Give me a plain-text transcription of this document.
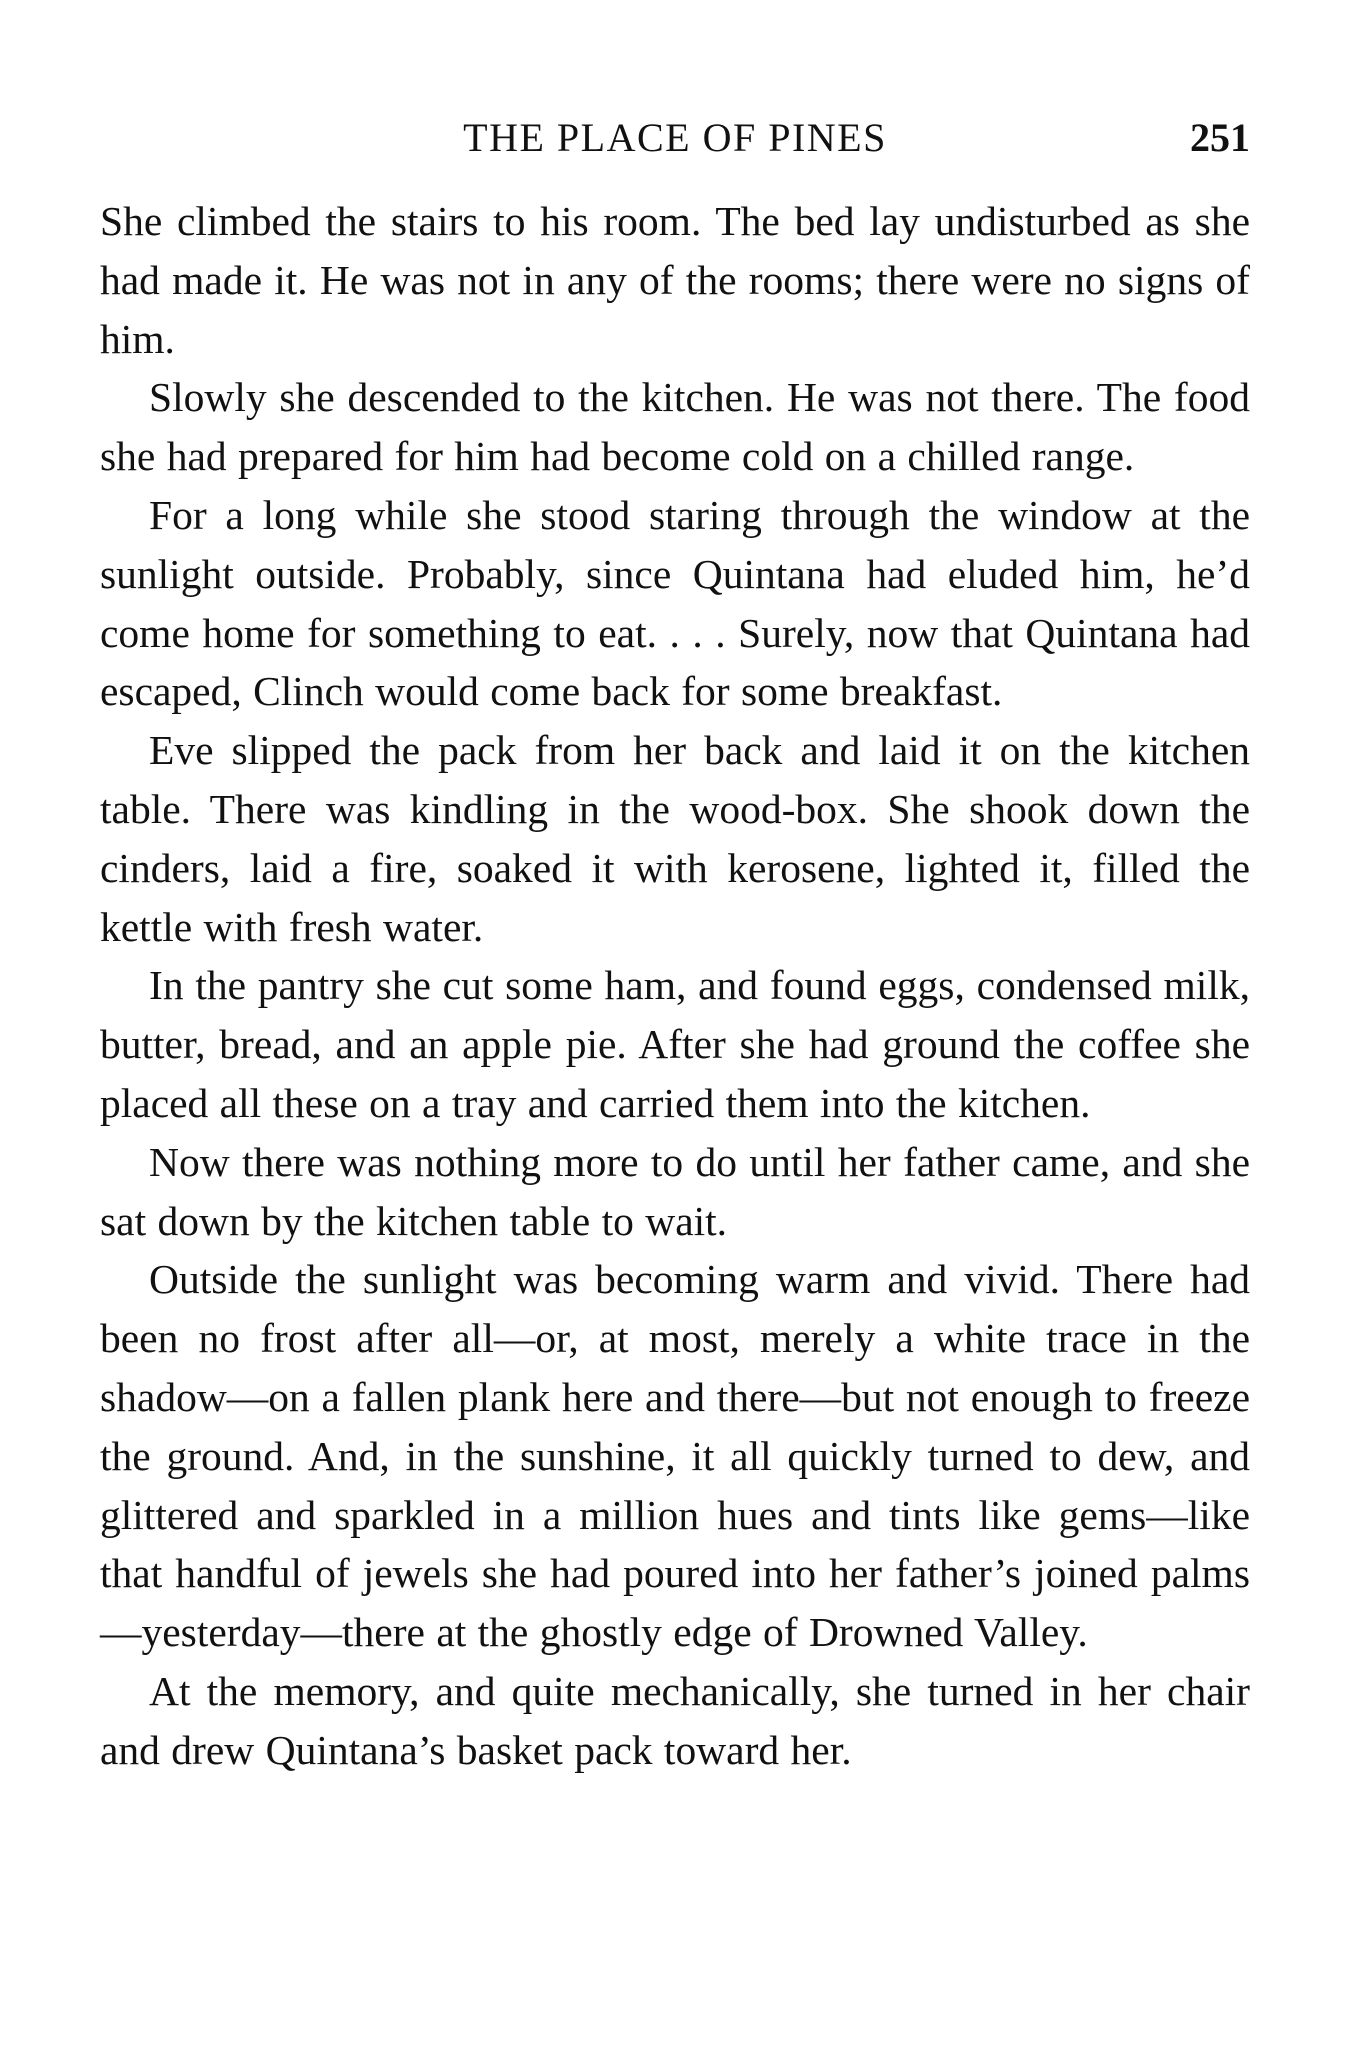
THE PLACE OF PINES	251

She climbed the stairs to his room. The bed lay undisturbed as she had made it. He was not in any of the rooms; there were no signs of him.

Slowly she descended to the kitchen. He was not there. The food she had prepared for him had become cold on a chilled range.

For a long while she stood staring through the window at the sunlight outside. Probably, since Quintana had eluded him, he’d come home for something to eat. . . . Surely, now that Quintana had escaped, Clinch would come back for some breakfast.

Eve slipped the pack from her back and laid it on the kitchen table. There was kindling in the wood-box. She shook down the cinders, laid a fire, soaked it with kerosene, lighted it, filled the kettle with fresh water.

In the pantry she cut some ham, and found eggs, condensed milk, butter, bread, and an apple pie. After she had ground the coffee she placed all these on a tray and carried them into the kitchen.

Now there was nothing more to do until her father came, and she sat down by the kitchen table to wait.

Outside the sunlight was becoming warm and vivid. There had been no frost after all—or, at most, merely a white trace in the shadow—on a fallen plank here and there—but not enough to freeze the ground. And, in the sunshine, it all quickly turned to dew, and glittered and sparkled in a million hues and tints like gems—like that handful of jewels she had poured into her father’s joined palms—yesterday—there at the ghostly edge of Drowned Valley.

At the memory, and quite mechanically, she turned in her chair and drew Quintana’s basket pack toward her.
